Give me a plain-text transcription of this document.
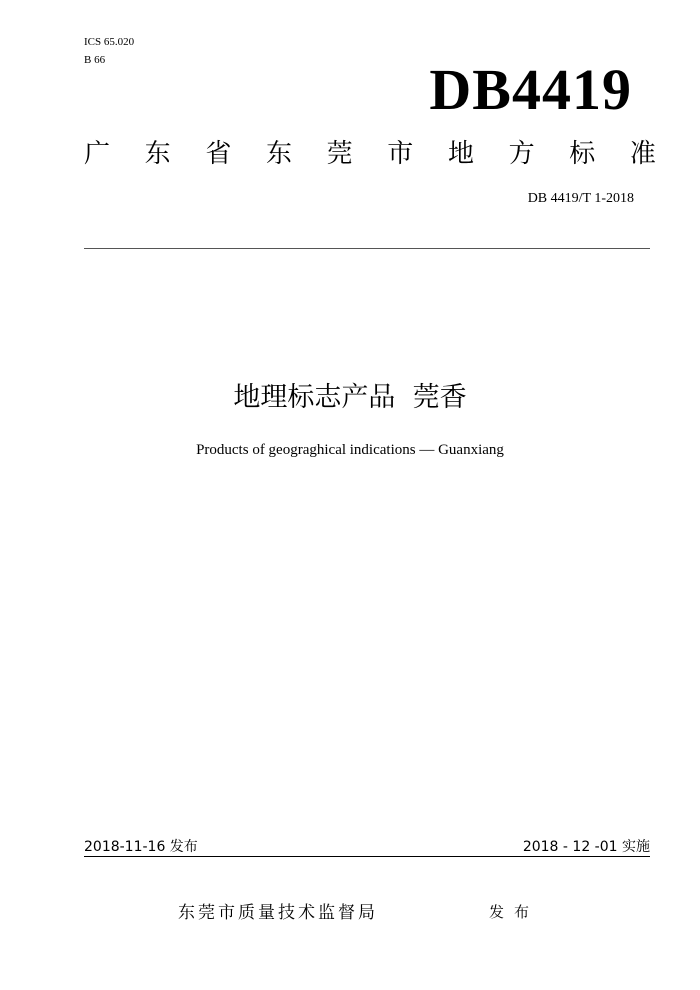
ICS 65.020
B 66	DB4419
广 东 省 东 莞 市 地 方 标 准
DB 4419/T 1-2018
地理标志产品  莞香
Products of geograghical indications — Guanxiang
2018-11-16 发布	2018 - 12 -01 实施
东莞市质量技术监督局	发布
